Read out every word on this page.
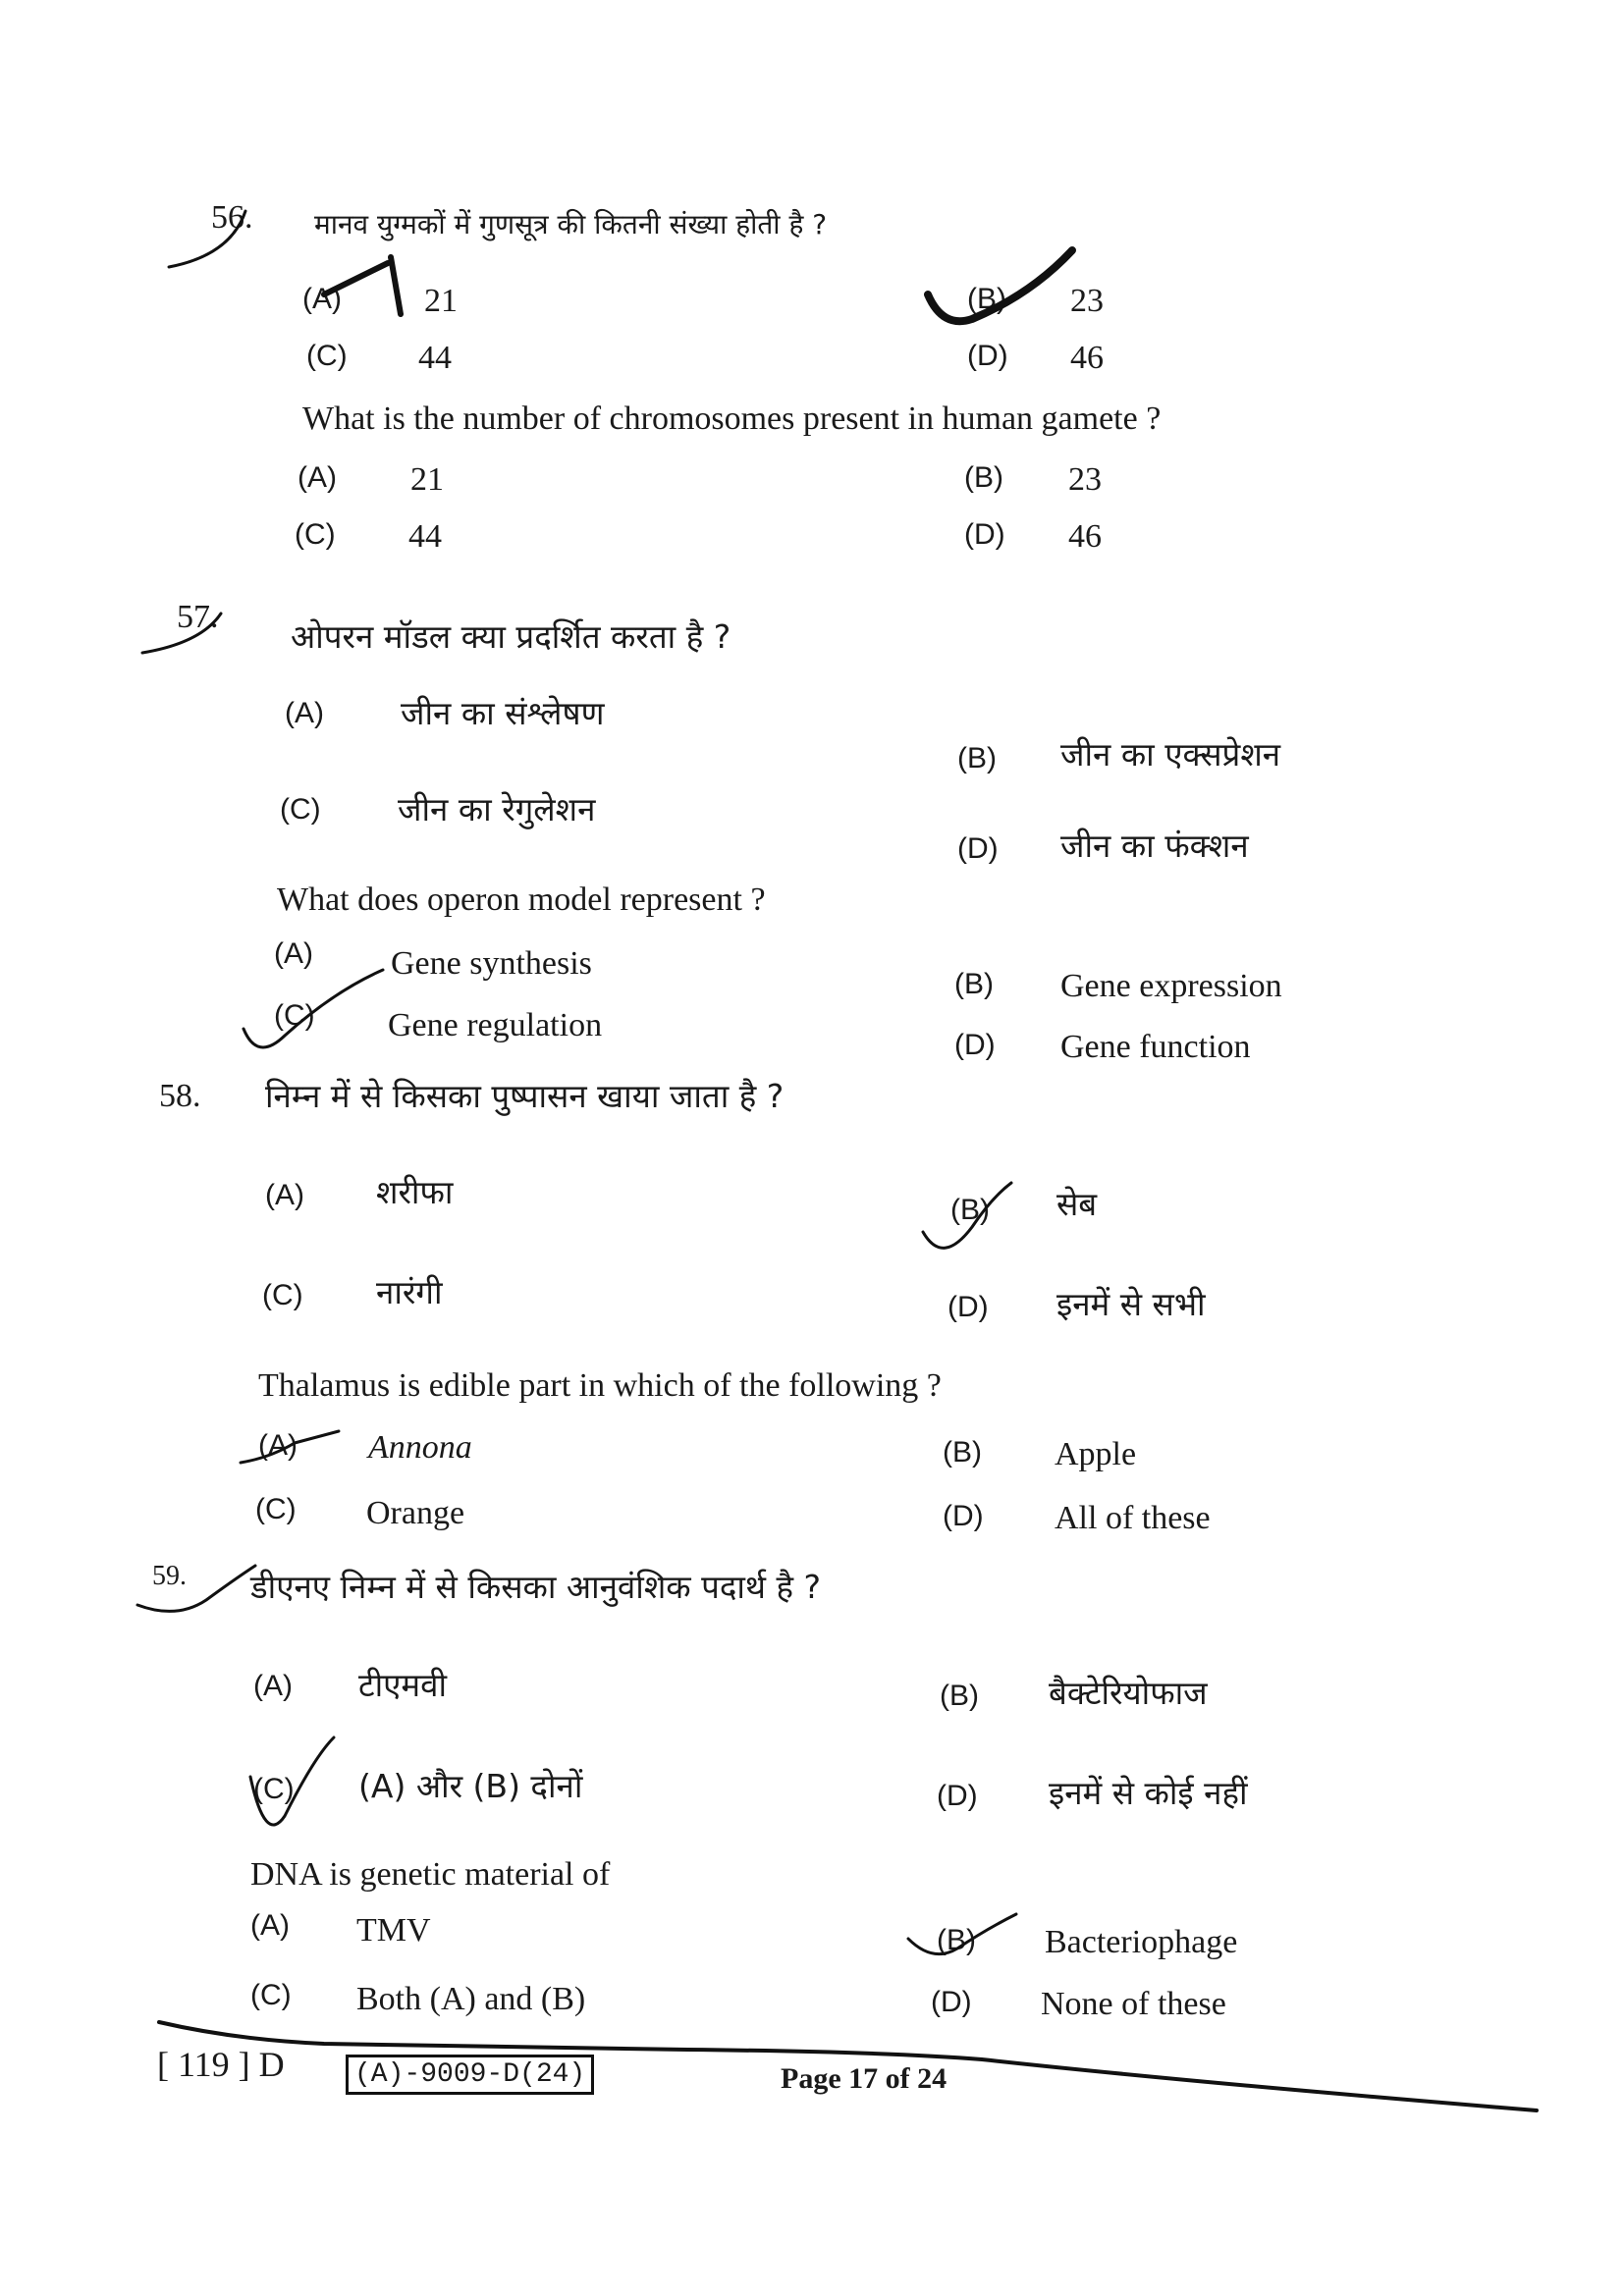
56. मानव युग्मकों में गुणसूत्र की कितनी संख्या होती है ?
(A) 21	(B) 23
(C) 44	(D) 46
What is the number of chromosomes present in human gamete ?
(A) 21	(B) 23
(C) 44	(D) 46
57.
ओपरन मॉडल क्या प्रदर्शित करता है ?
(A) जीन का संश्लेषण
(B) जीन का एक्सप्रेशन
(C) जीन का रेगुलेशन
(D) जीन का फंक्शन
What does operon model represent ?
(A) Gene synthesis
(B) Gene expression
(C) Gene regulation
(D) Gene function
58. निम्न में से किसका पुष्पासन खाया जाता है ?
(A) शरीफा	(B) सेब
(C) नारंगी	(D) इनमें से सभी
Thalamus is edible part in which of the following ?
(A) Annona	(B) Apple
(C) Orange	(D) All of these
59. डीएनए निम्न में से किसका आनुवंशिक पदार्थ है ?
(A) टीएमवी	(B) बैक्टेरियोफाज
(C) (A) और (B) दोनों	(D) इनमें से कोई नहीं
DNA is genetic material of
(A) TMV	(B) Bacteriophage
(C) Both (A) and (B)	(D) None of these
[ 119 ] D	(A)-9009-D(24)	Page 17 of 24
